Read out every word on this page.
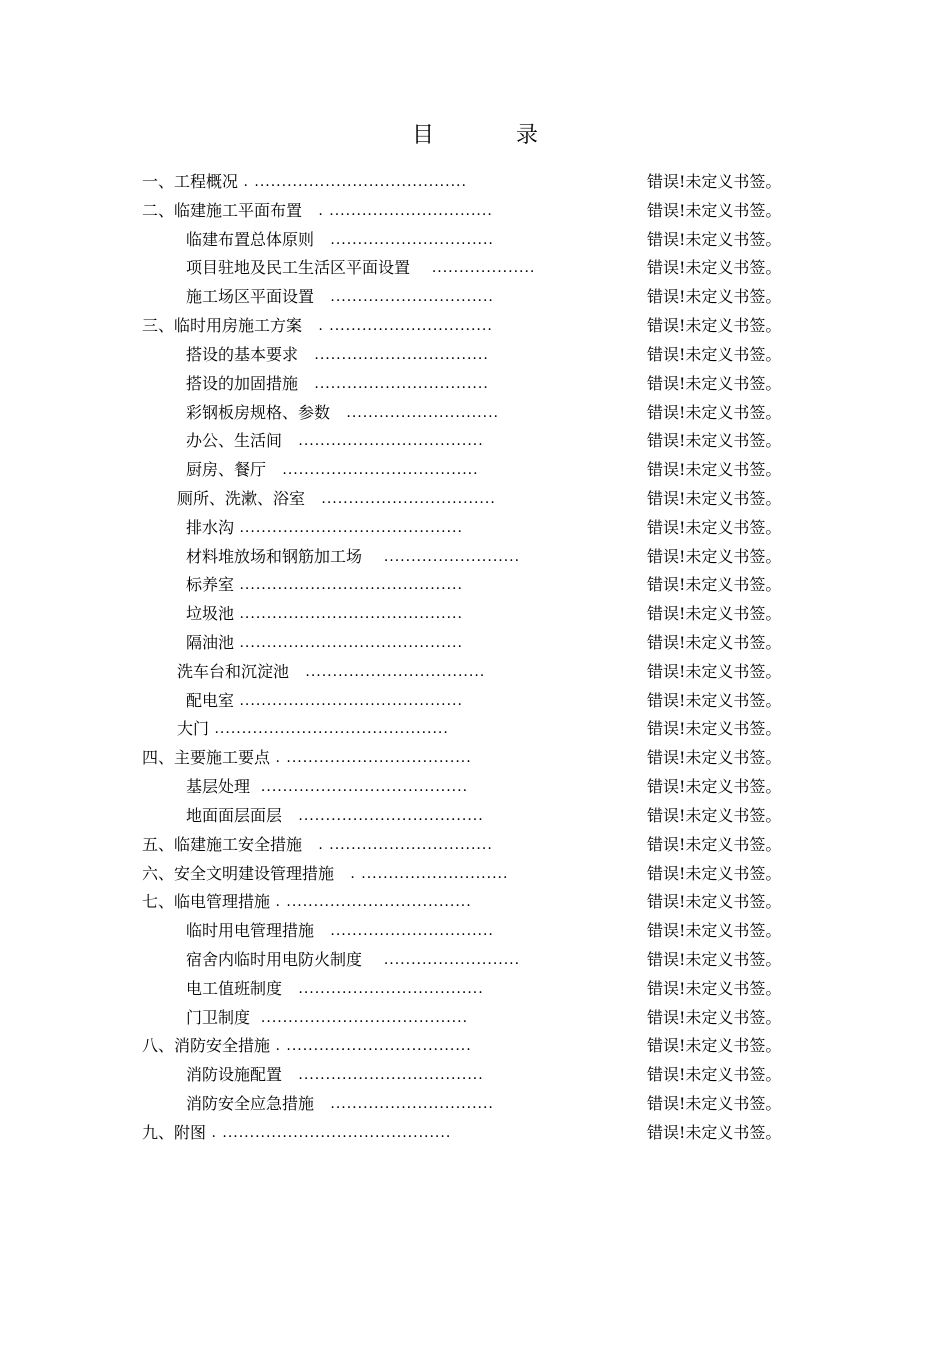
目　录
一、工程概况 . .......................................	错误!未定义书签。
二、临建施工平面布置   . ..............................	错误!未定义书签。
临建布置总体原则   ..............................	错误!未定义书签。
项目驻地及民工生活区平面设置    ...................	错误!未定义书签。
施工场区平面设置   ..............................	错误!未定义书签。
三、临时用房施工方案   . ..............................	错误!未定义书签。
搭设的基本要求   ................................	错误!未定义书签。
搭设的加固措施   ................................	错误!未定义书签。
彩钢板房规格、参数   ............................	错误!未定义书签。
办公、生活间   ..................................	错误!未定义书签。
厨房、餐厅   ....................................	错误!未定义书签。
厕所、洗漱、浴室   ................................	错误!未定义书签。
排水沟 .........................................	错误!未定义书签。
材料堆放场和钢筋加工场    .........................	错误!未定义书签。
标养室 .........................................	错误!未定义书签。
垃圾池 .........................................	错误!未定义书签。
隔油池 .........................................	错误!未定义书签。
洗车台和沉淀池   .................................	错误!未定义书签。
配电室 .........................................	错误!未定义书签。
大门 ...........................................	错误!未定义书签。
四、主要施工要点 . ..................................	错误!未定义书签。
基层处理  ......................................	错误!未定义书签。
地面面层面层   ..................................	错误!未定义书签。
五、临建施工安全措施   . ..............................	错误!未定义书签。
六、安全文明建设管理措施   . ...........................	错误!未定义书签。
七、临电管理措施 . ..................................	错误!未定义书签。
临时用电管理措施   ..............................	错误!未定义书签。
宿舍内临时用电防火制度    .........................	错误!未定义书签。
电工值班制度   ..................................	错误!未定义书签。
门卫制度  ......................................	错误!未定义书签。
八、消防安全措施 . ..................................	错误!未定义书签。
消防设施配置   ..................................	错误!未定义书签。
消防安全应急措施   ..............................	错误!未定义书签。
九、附图 . ..........................................	错误!未定义书签。
